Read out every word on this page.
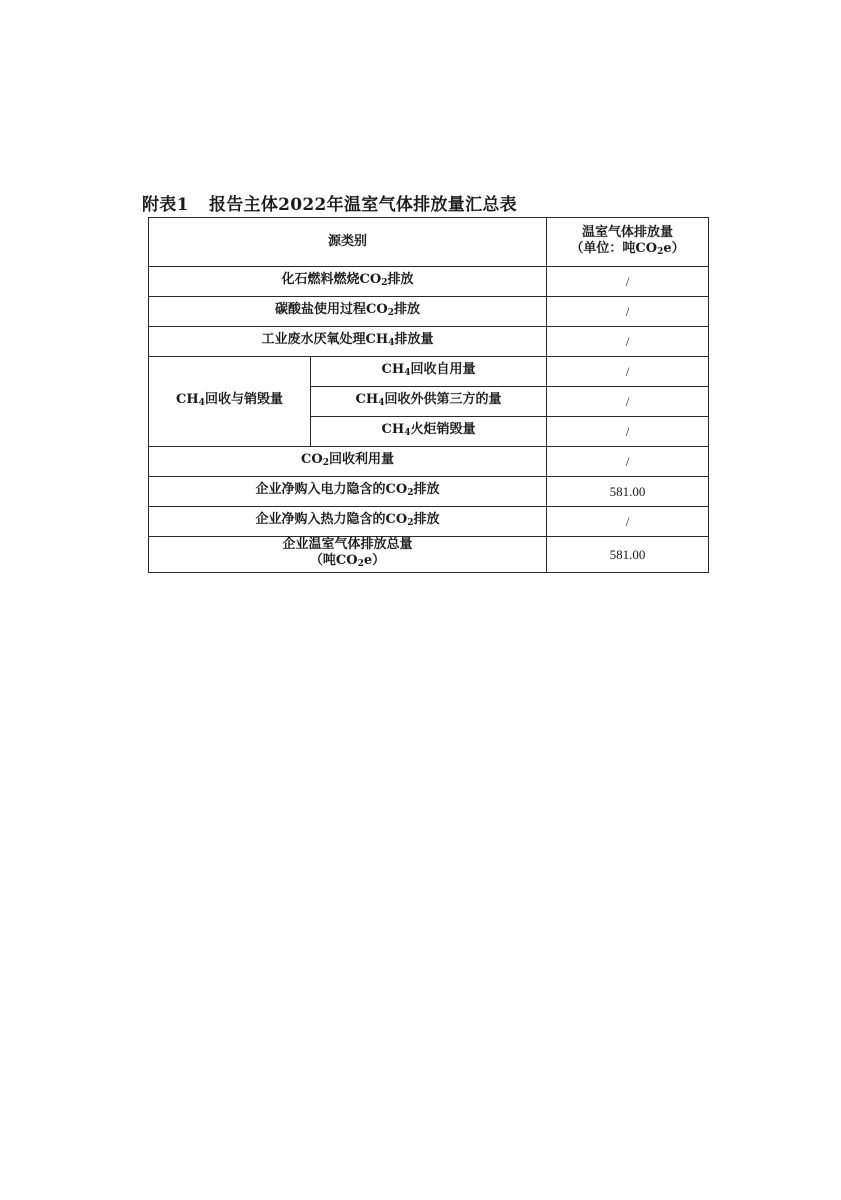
附表1 报告主体2022年温室气体排放量汇总表
源类别		温室气体排放量
（单位：吨$CO_2e$）

化石燃料燃烧$CO_2$排放		/
碳酸盐使用过程$CO_2$排放		/
工业废水厌氧处理$CH_4$排放量		/
$CH_4$回收与销毁量	$CH_4$回收自用量	/
	$CH_4$回收外供第三方的量	/
	$CH_4$火炬销毁量	/
$CO_2$回收利用量		/
企业净购入电力隐含的$CO_2$排放		581.00
企业净购入热力隐含的$CO_2$排放		/

企业温室气体排放总量
（吨$CO_2e$）		581.00
